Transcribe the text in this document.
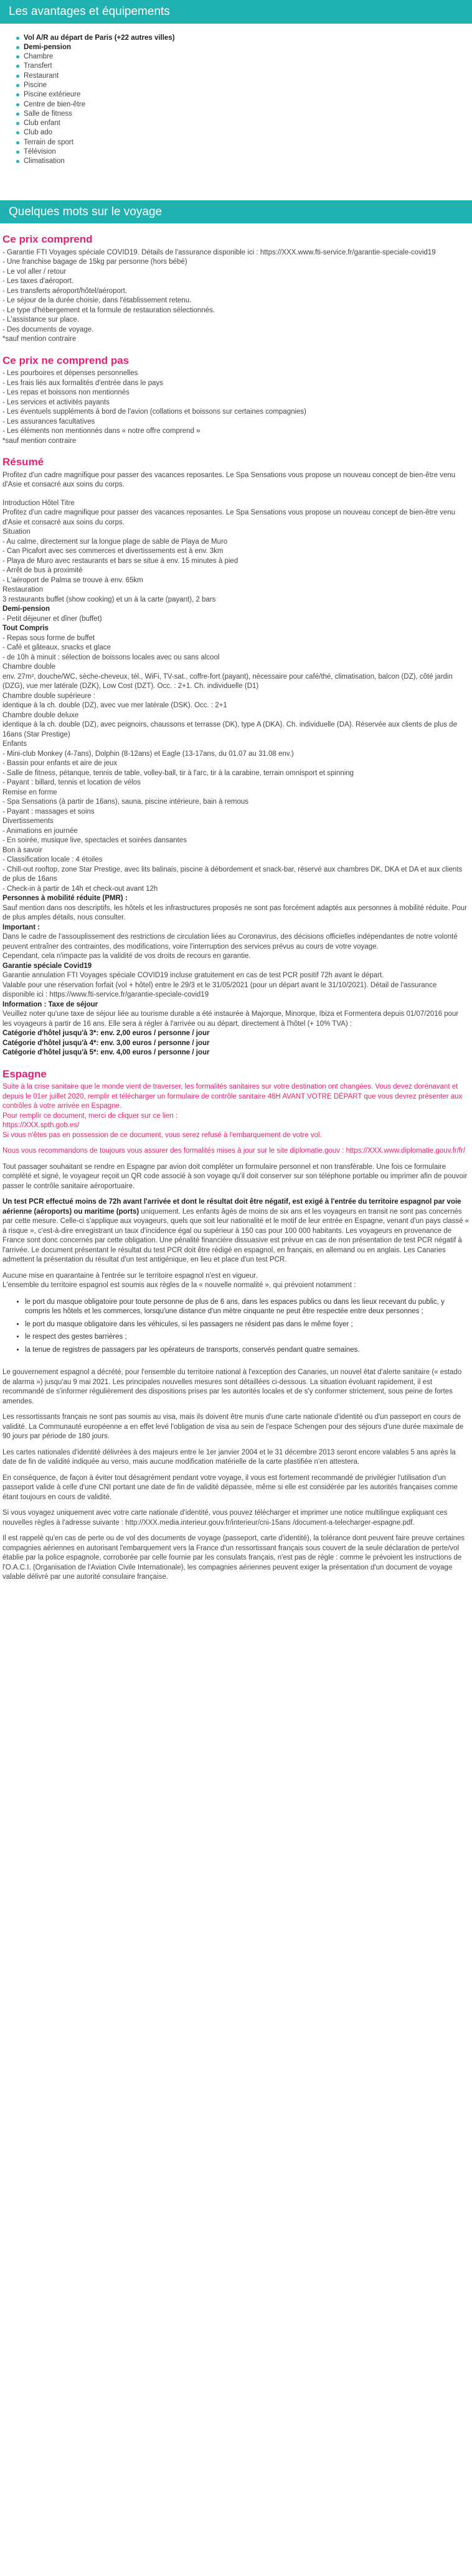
Les avantages et équipements
Vol A/R au départ de Paris (+22 autres villes)
Demi-pension
Chambre
Transfert
Restaurant
Piscine
Piscine extérieure
Centre de bien-être
Salle de fitness
Club enfant
Club ado
Terrain de sport
Télévision
Climatisation
Quelques mots sur le voyage
Ce prix comprend
- Garantie FTI Voyages spéciale COVID19. Détails de l'assurance disponible ici : https://XXX.www.fti-service.fr/garantie-speciale-covid19
- Une franchise bagage de 15kg par personne (hors bébé)
- Le vol aller / retour
- Les taxes d'aéroport.
- Les transferts aéroport/hôtel/aéroport.
- Le séjour de la durée choisie, dans l'établissement retenu.
- Le type d'hébergement et la formule de restauration sélectionnés.
- L'assistance sur place.
- Des documents de voyage.
*sauf mention contraire
Ce prix ne comprend pas
- Les pourboires et dépenses personnelles
- Les frais liés aux formalités d'entrée dans le pays
- Les repas et boissons non mentionnés
- Les services et activités payants
- Les éventuels suppléments à bord de l'avion (collations et boissons sur certaines compagnies)
- Les assurances facultatives
- Les éléments non mentionnés dans « notre offre comprend »
*sauf mention contraire
Résumé
Profitez d'un cadre magnifique pour passer des vacances reposantes. Le Spa Sensations vous propose un nouveau concept de bien-être venu d'Asie et consacré aux soins du corps.
Introduction Hôtel Titre
Profitez d'un cadre magnifique pour passer des vacances reposantes. Le Spa Sensations vous propose un nouveau concept de bien-être venu d'Asie et consacré aux soins du corps.
Situation
- Au calme, directement sur la longue plage de sable de Playa de Muro
- Can Picafort avec ses commerces et divertissements est à env. 3km
- Playa de Muro avec restaurants et bars se situe à env. 15 minutes à pied
- Arrêt de bus à proximité
- L'aéroport de Palma se trouve à env. 65km
Restauration
3 restaurants buffet (show cooking) et un à la carte (payant), 2 bars
Demi-pension
- Petit déjeuner et dîner (buffet)
Tout Compris
- Repas sous forme de buffet
- Café et gâteaux, snacks et glace
- de 10h à minuit : sélection de boissons locales avec ou sans alcool
Chambre double
env. 27m², douche/WC, sèche-cheveux, tél., WiFi, TV-sat., coffre-fort (payant), nécessaire pour café/thé, climatisation, balcon (DZ), côté jardin (DZG), vue mer latérale (DZK), Low Cost (DZT). Occ. : 2+1. Ch. individuelle (D1)
Chambre double supérieure :
identique à la ch. double (DZ), avec vue mer latérale (DSK). Occ. : 2+1
Chambre double deluxe
identique à la ch. double (DZ), avec peignoirs, chaussons et terrasse (DK), type A (DKA). Ch. individuelle (DA). Réservée aux clients de plus de 16ans (Star Prestige)
Enfants
- Mini-club Monkey (4-7ans), Dolphin (8-12ans) et Eagle (13-17ans, du 01.07 au 31.08 env.)
- Bassin pour enfants et aire de jeux
- Salle de fitness, pétanque, tennis de table, volley-ball, tir à l'arc, tir à la carabine, terrain omnisport et spinning
- Payant : billard, tennis et location de vélos
Remise en forme
- Spa Sensations (à partir de 16ans), sauna, piscine intérieure, bain à remous
- Payant : massages et soins
Divertissements
- Animations en journée
- En soirée, musique live, spectacles et soirées dansantes
Bon à savoir
- Classification locale : 4 étoiles
- Chill-out rooftop, zone Star Prestige, avec lits balinais, piscine à débordement et snack-bar, réservé aux chambres DK, DKA et DA et aux clients de plus de 16ans
- Check-in à partir de 14h et check-out avant 12h
Personnes à mobilité réduite (PMR) :
Sauf mention dans nos descriptifs, les hôtels et les infrastructures proposés ne sont pas forcément adaptés aux personnes à mobilité réduite. Pour de plus amples détails, nous consulter.
Important :
Dans le cadre de l'assouplissement des restrictions de circulation liées au Coronavirus, des décisions officielles indépendantes de notre volonté peuvent entraîner des contraintes, des modifications, voire l'interruption des services prévus au cours de votre voyage.
Cependant, cela n'impacte pas la validité de vos droits de recours en garantie.
Garantie spéciale Covid19
Garantie annulation FTI Voyages spéciale COVID19 incluse gratuitement en cas de test PCR positif 72h avant le départ.
Valable pour une réservation forfait (vol + hôtel) entre le 29/3 et le 31/05/2021 (pour un départ avant le 31/10/2021). Détail de l'assurance disponible ici : https://www.fti-service.fr/garantie-speciale-covid19
Information : Taxe de séjour
Veuillez noter qu'une taxe de séjour liée au tourisme durable a été instaurée à Majorque, Minorque, Ibiza et Formentera depuis 01/07/2016 pour les voyageurs à partir de 16 ans. Elle sera à régler à l'arrivée ou au départ, directement à l'hôtel (+ 10% TVA) :
Catégorie d'hôtel jusqu'à 3*: env. 2,00 euros / personne / jour
Catégorie d'hôtel jusqu'à 4*: env. 3,00 euros / personne / jour
Catégorie d'hôtel jusqu'à 5*: env. 4,00 euros / personne / jour
Espagne
Suite à la crise sanitaire que le monde vient de traverser, les formalités sanitaires sur votre destination ont changées. Vous devez dorénavant et depuis le 01er juillet 2020, remplir et télécharger un formulaire de contrôle sanitaire 48H AVANT VOTRE DÉPART que vous devrez présenter aux contrôles à votre arrivée en Espagne.
Pour remplir ce document, merci de cliquer sur ce lien :
https://XXX.spth.gob.es/
Si vous n'êtes pas en possession de ce document, vous serez refusé à l'embarquement de votre vol.

Nous vous recommandons de toujours vous assurer des formalités mises à jour sur le site diplomatie.gouv : https://XXX.www.diplomatie.gouv.fr/fr/

Tout passager souhaitant se rendre en Espagne par avion doit compléter un formulaire personnel et non transférable. Une fois ce formulaire complété et signé, le voyageur reçoit un QR code associé à son voyage qu'il doit conserver sur son téléphone portable ou imprimer afin de pouvoir passer le contrôle sanitaire aéroportuaire.

Un test PCR effectué moins de 72h avant l'arrivée et dont le résultat doit être négatif, est exigé à l'entrée du territoire espagnol par voie aérienne (aéroports) ou maritime (ports) uniquement. Les enfants âgés de moins de six ans et les voyageurs en transit ne sont pas concernés par cette mesure. Celle-ci s'applique aux voyageurs, quels que soit leur nationalité et le motif de leur entrée en Espagne, venant d'un pays classé « à risque », c'est-à-dire enregistrant un taux d'incidence égal ou supérieur à 150 cas pour 100 000 habitants. Les voyageurs en provenance de France sont donc concernés par cette obligation. Une pénalité financière dissuasive est prévue en cas de non présentation de test PCR négatif à l'arrivée. Le document présentant le résultat du test PCR doit être rédigé en espagnol, en français, en allemand ou en anglais. Les Canaries admettent la présentation du résultat d'un test antigénique, en lieu et place d'un test PCR.

Aucune mise en quarantaine à l'entrée sur le territoire espagnol n'est en vigueur.

L'ensemble du territoire espagnol est soumis aux règles de la « nouvelle normalité », qui prévoient notamment :

• le port du masque obligatoire pour toute personne de plus de 6 ans, dans les espaces publics ou dans les lieux recevant du public, y compris les hôtels et les commerces, lorsqu'une distance d'un mètre cinquante ne peut être respectée entre deux personnes ;
• le port du masque obligatoire dans les véhicules, si les passagers ne résident pas dans le même foyer ;
• le respect des gestes barrières ;
• la tenue de registres de passagers par les opérateurs de transports, conservés pendant quatre semaines.

Le gouvernement espagnol a décrété, pour l'ensemble du territoire national à l'exception des Canaries, un nouvel état d'alerte sanitaire (« estado de alarma ») jusqu'au 9 mai 2021. Les principales nouvelles mesures sont détaillées ci-dessous. La situation évoluant rapidement, il est recommandé de s'informer régulièrement des dispositions prises par les autorités locales et de s'y conformer strictement, sous peine de fortes amendes.

Les ressortissants français ne sont pas soumis au visa, mais ils doivent être munis d'une carte nationale d'identité ou d'un passeport en cours de validité. La Communauté européenne a en effet levé l'obligation de visa au sein de l'espace Schengen pour des séjours d'une durée maximale de 90 jours par période de 180 jours.

Les cartes nationales d'identité délivrées à des majeurs entre le 1er janvier 2004 et le 31 décembre 2013 seront encore valables 5 ans après la date de fin de validité indiquée au verso, mais aucune modification matérielle de la carte plastifiée n'en attestera.

En conséquence, de façon à éviter tout désagrément pendant votre voyage, il vous est fortement recommandé de privilégier l'utilisation d'un passeport valide à celle d'une CNI portant une date de fin de validité dépassée, même si elle est considérée par les autorités françaises comme étant toujours en cours de validité.

Si vous voyagez uniquement avec votre carte nationale d'identité, vous pouvez télécharger et imprimer une notice multilingue expliquant ces nouvelles règles à l'adresse suivante : http://XXX.media.interieur.gouv.fr/interieur/cni-15ans /document-a-telecharger-espagne.pdf.

Il est rappelé qu'en cas de perte ou de vol des documents de voyage (passeport, carte d'identité), la tolérance dont peuvent faire preuve certaines compagnies aériennes en autorisant l'embarquement vers la France d'un ressortissant français sous couvert de la seule déclaration de perte/vol établie par la police espagnole, corroborée par celle fournie par les consulats français, n'est pas de règle : comme le prévoient les instructions de l'O.A.C.I. (Organisation de l'Aviation Civile Internationale), les compagnies aériennes peuvent exiger la présentation d'un document de voyage valable délivré par une autorité consulaire française.
